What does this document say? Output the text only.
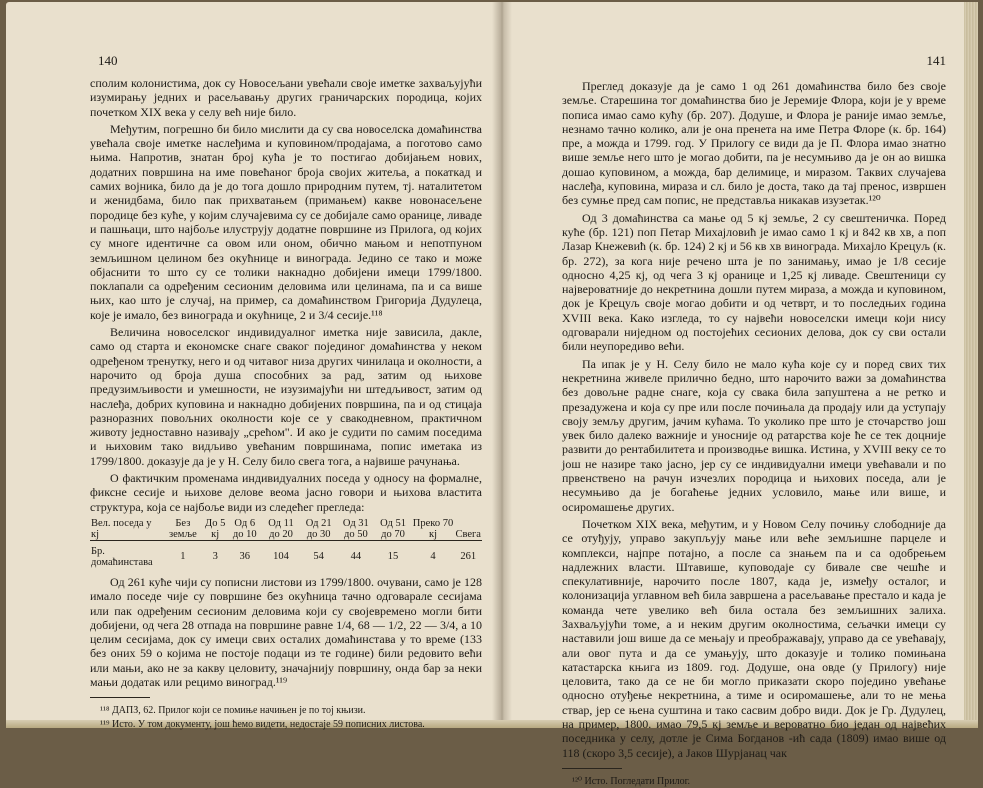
140

сполим колонистима, док су Новосељани увећали своје иметке захваљујући изумирању једних и расељавању других граничарских породица, којих почетком XIX века у селу већ није било.

Међутим, погрешно би било мислити да су сва новоселска домаћинства увећала своје иметке наслеђима и куповином/продајама, а поготово само њима. Напротив, знатан број кућа је то постигао добијањем нових, додатних површина на име повећаног броја својих житеља, а покаткад и самих војника, било да је до тога дошло природним путем, тј. наталитетом и женидбама, било пак прихватањем (примањем) какве новонасељене породице без куће, у којим случајевима су се добијале само оранице, ливаде и пашњаци, што најбоље илуструју додатне површине из Прилога, од којих су многе идентичне са овом или оном, обично мањом и непотпуном земљишном целином без окућнице и винограда. Једино се тако и може објаснити то што су се толики накнадно добијени имеци 1799/1800. поклапали са одређеним сесионим деловима или целинама, па и са више њих, као што је случај, на пример, са домаћинством Григорија Дудулеца, које је имало, без винограда и окућнице, 2 и 3/4 сесије.¹¹⁸

Величина новоселског индивидуалног иметка није зависила, дакле, само од старта и економске снаге сваког појединог домаћинства у неком одређеном тренутку, него и од читавог низа других чинилаца и околности, а нарочито од броја душа способних за рад, затим од њихове предузимљивости и умешности, не изузимајући ни штедљивост, затим од наслеђа, добрих куповина и накнадно добијених површина, па и од стицаја разноразних повољних околности које се у свакодневном, практичном животу једноставно називају „срећом". И ако је судити по самим поседима и њиховим тако видљиво увећаним површинама, попис иметака из 1799/1800. доказује да је у Н. Селу било свега тога, а највише рачунања.

О фактичким променама индивидуалних поседа у односу на формалне, фиксне сесије и њихове делове веома јасно говори и њихова властита структура, која се најбоље види из следећег прегледа:

Вел. поседа у кј	Без земље	До 5 кј	Од 6 до 10	Од 11 до 20	Од 21 до 30	Од 31 до 50	Од 51 до 70	Преко 70 кј	Свега
Бр. домаћинстава	1	3	36	104	54	44	15	4	261

Од 261 куће чији су пописни листови из 1799/1800. очувани, само је 128 имало поседе чије су површине без окућница тачно одговарале сесијама или пак одређеним сесионим деловима који су својевремено могли бити добијени, од чега 28 отпада на површине равне 1/4, 68 — 1/2, 22 — 3/4, а 10 целим сесијама, док су имеци свих осталих домаћинстава у то време (133 без оних 59 о којима не постоје подаци из те године) били редовито већи или мањи, ако не за какву целовиту, значајнију површину, онда бар за неки мањи додатак или рецимо виноград.¹¹⁹

¹¹⁸ ДАПЗ, 62. Прилог који се помиње начињен је по тој књизи.

¹¹⁹ Исто. У том документу, још ћемо видети, недостаје 59 пописних листова.

141

Преглед доказује да је само 1 од 261 домаћинства било без своје земље. Старешина тог домаћинства био је Јеремије Флора, који је у време пописа имао само кућу (бр. 207). Додуше, и Флора је раније имао земље, незнамо тачно колико, али је она пренета на име Петра Флоре (к. бр. 164) пре, а можда и 1799. год. У Прилогу се види да је П. Флора имао знатно више земље него што је могао добити, па је несумњиво да је он ао вишка дошао куповином, а можда, бар делимице, и миразом. Таквих случајева наслеђа, куповина, мираза и сл. било је доста, тако да тај пренос, извршен без сумње пред сам попис, не представља никакав изузетак.¹²⁰

Од 3 домаћинства са мање од 5 кј земље, 2 су свештеничка. Поред куће (бр. 121) поп Петар Михајловић је имао само 1 кј и 842 кв хв, а поп Лазар Кнежевић (к. бр. 124) 2 кј и 56 кв хв винограда. Михајло Крецуљ (к. бр. 272), за кога није речено шта је по занимању, имао је 1/8 сесије односно 4,25 кј, од чега 3 кј оранице и 1,25 кј ливаде. Свештеници су највероватније до некретнина дошли путем мираза, а можда и куповином, док је Крецуљ своје могао добити и од четврт, и то последњих година XVIII века. Како изгледа, то су највећи новоселски имеци који нису одговарали ниједном од постојећих сесионих делова, док су сви остали били неупоредиво већи.

Па ипак је у Н. Селу било не мало кућа које су и поред свих тих некретнина живеле прилично бедно, што нарочито важи за домаћинства без довољне радне снаге, која су свака била запуштена а не ретко и презадужена и која су пре или после почињала да продају или да уступају своју земљу другим, јачим кућама. То уколико пре што је сточарство још увек било далеко важније и уносније од ратарства које ће се тек доцније развити до рентабилитета и производње вишка. Истина, у XVIII веку се то још не назире тако јасно, јер су се индивидуални имеци увећавали и по првенствено на рачун изчезлих породица и њихових поседа, али је несумњиво да је богаћење једних условило, мање или више, и осиромашење других.

Почетком XIX века, међутим, и у Новом Селу почињу слободније да се отуђују, управо закупљују мање или веће земљишне парцеле и комплекси, најпре потајно, а после са знањем па и са одобрењем надлежних власти. Штавише, куповодаје су бивале све чешће и спекулативније, нарочито после 1807, када је, између осталог, и колонизација углавном већ била завршена а расељавање престало и када је команда чете увелико већ била остала без земљишних залиха. Захваљујући томе, а и неким другим околностима, сељачки имеци су наставили још више да се мењају и преображавају, управо да се увећавају, али овог пута и да се умањују, што доказује и толико помињана катастарска књига из 1809. год. Додуше, она овде (у Прилогу) није целовита, тако да се не би могло приказати скоро поједино увећање односно отуђење некретнина, а тиме и осиромашење, али то не мења ствар, јер се њена суштина и тако сасвим добро види. Док је Гр. Дудулец, на пример, 1800. имао 79,5 кј земље и вероватно био један од највећих поседника у селу, дотле је Сима Богданов -ић сада (1809) имао више од 118 (скоро 3,5 сесије), а Јаков Шурјанац чак

¹²⁰ Исто. Погледати Прилог.
